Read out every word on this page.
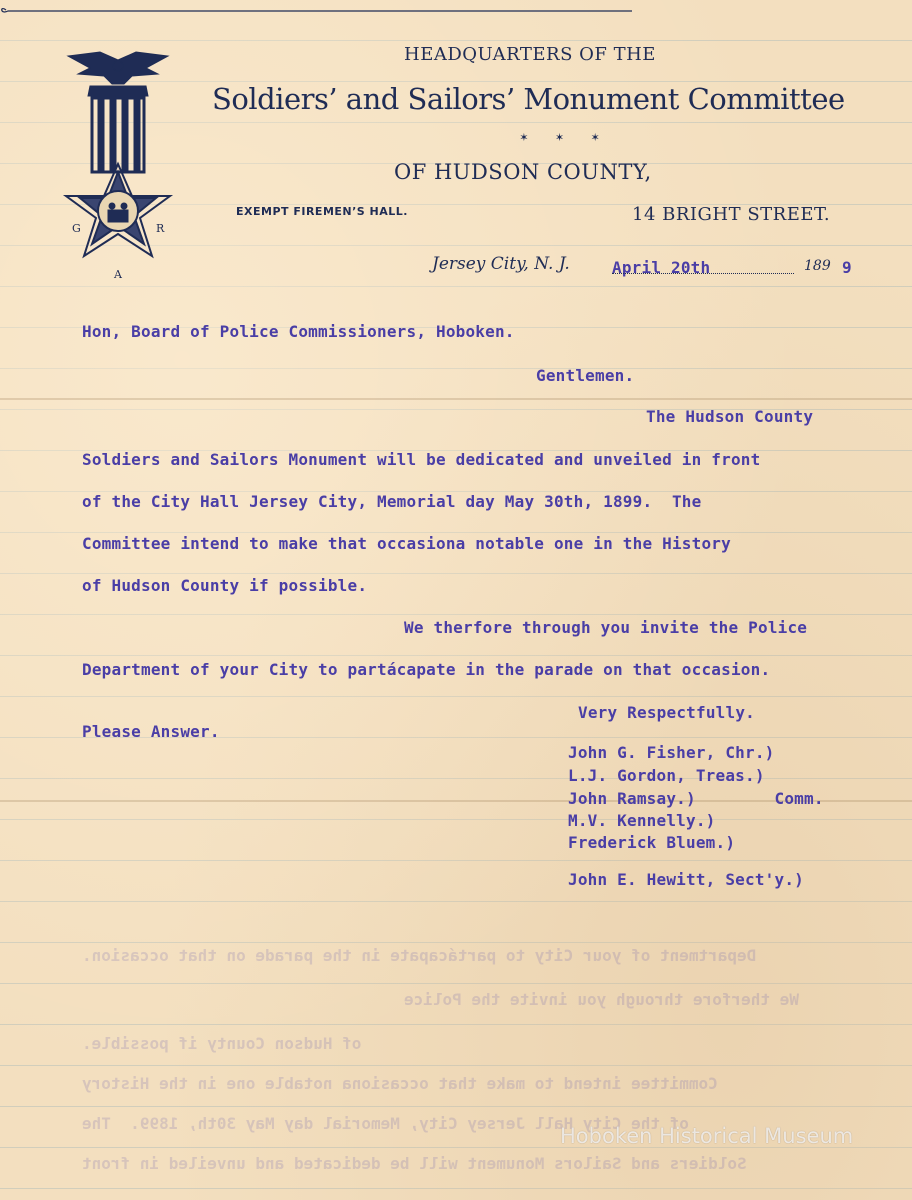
G	R
A
HEADQUARTERS OF THE
Soldiers’ and Sailors’ Monument Committee
✶ ✶ ✶
OF HUDSON COUNTY,
EXEMPT FIREMEN’S HALL.	14 BRIGHT STREET.
Jersey City, N. J.	April 20th	189 9
Hon, Board of Police Commissioners, Hoboken.
Gentlemen.
The Hudson County
Soldiers and Sailors Monument will be dedicated and unveiled in front
of the City Hall Jersey City, Memorial day May 30th, 1899.  The
Committee intend to make that occasiona notable one in the History
of Hudson County if possible.
We therfore through you invite the Police
Department of your City to partácapate in the parade on that occasion.
Very Respectfully.
Please Answer.
John G. Fisher, Chr.)
L.J. Gordon, Treas.)
John Ramsay.)        Comm.
M.V. Kennelly.)
Frederick Bluem.)
John E. Hewitt, Sect'y.)
Department of your City to partácapate in the parade on that occasion.
We therfore through you invite the Police
of Hudson County if possible.
Committee intend to make that occasiona notable one in the History
of the City Hall Jersey City, Memorial day May 30th, 1899.  The
Soldiers and Sailors Monument will be dedicated and unveiled in front
Hoboken Historical Museum
